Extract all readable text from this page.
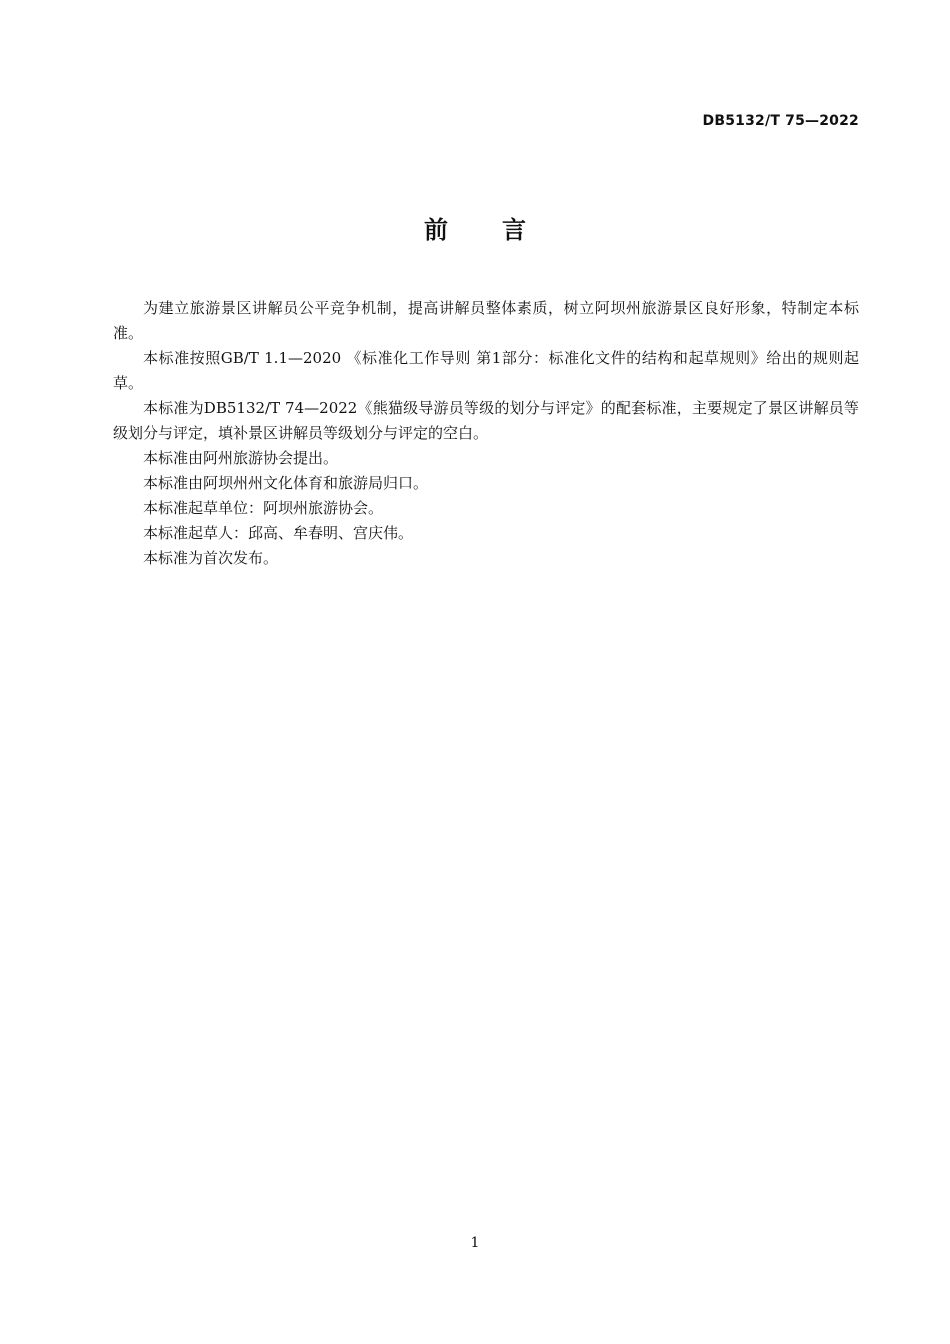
DB5132/T 75—2022
前言

为建立旅游景区讲解员公平竞争机制，提高讲解员整体素质，树立阿坝州旅游景区良好形象，特制定本标准。

本标准按照GB/T 1.1—2020 《标准化工作导则 第1部分：标准化文件的结构和起草规则》给出的规则起草。

本标准为DB5132/T 74—2022《熊猫级导游员等级的划分与评定》的配套标准，主要规定了景区讲解员等级划分与评定，填补景区讲解员等级划分与评定的空白。

本标准由阿州旅游协会提出。

本标准由阿坝州州文化体育和旅游局归口。

本标准起草单位：阿坝州旅游协会。

本标准起草人：邱高、牟春明、宫庆伟。

本标准为首次发布。

1
